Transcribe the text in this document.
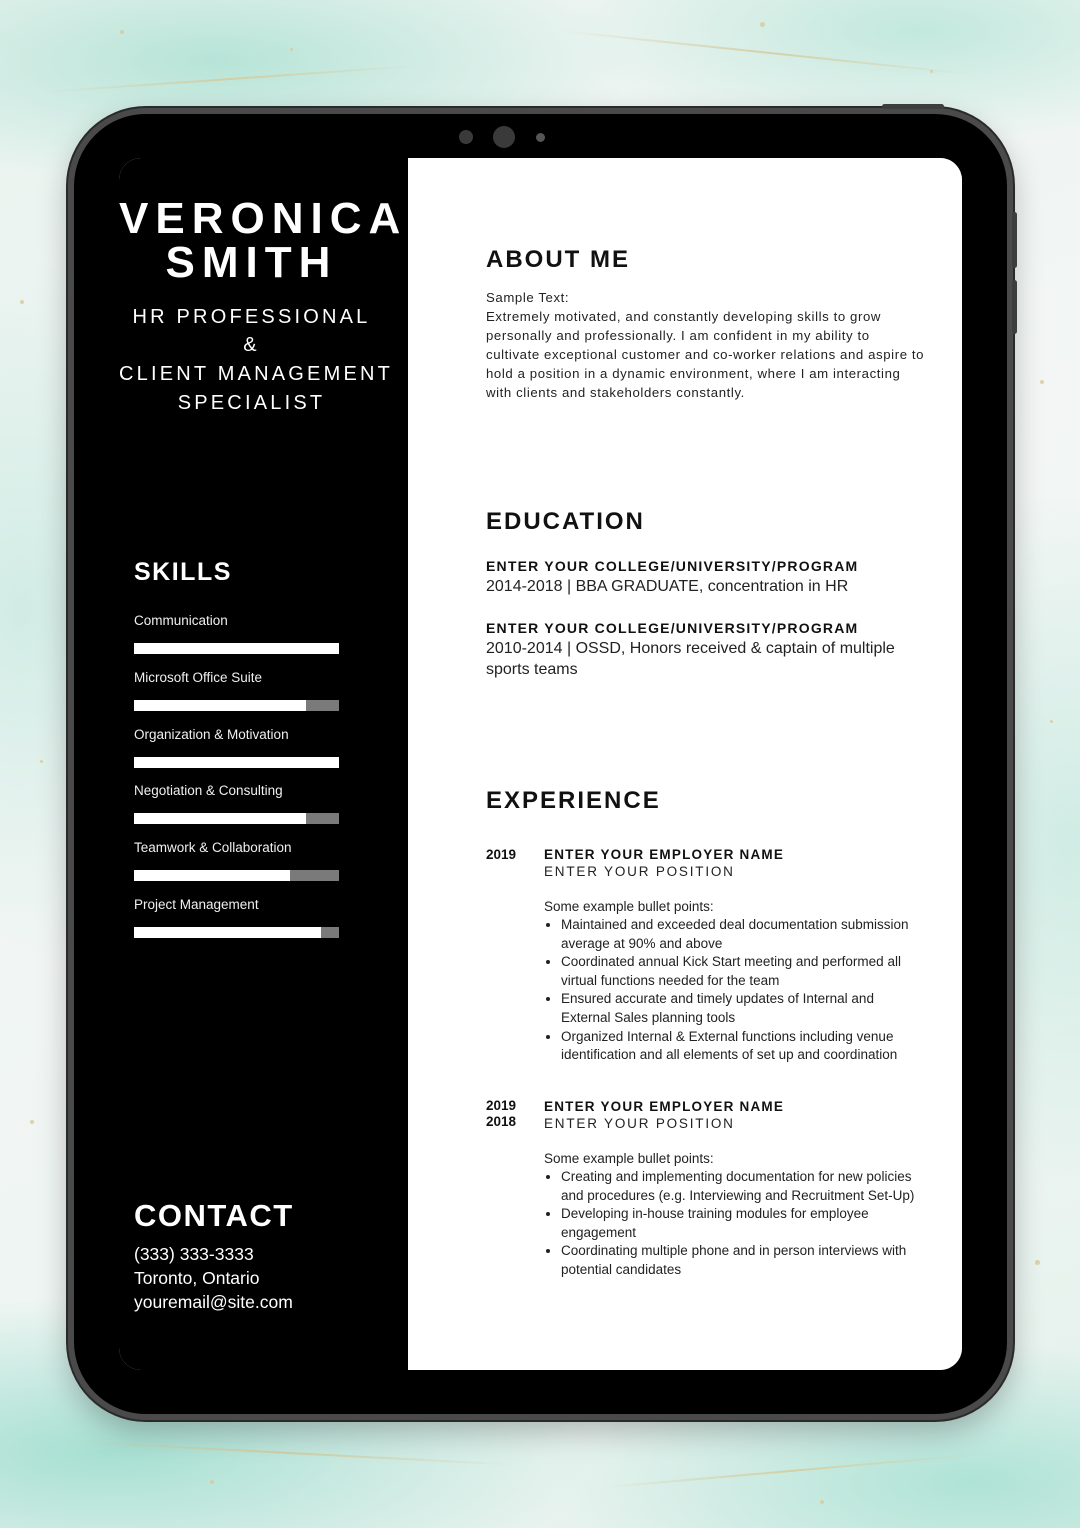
VERONICA
SMITH
HR PROFESSIONAL
&
CLIENT MANAGEMENT
SPECIALIST
SKILLS
Communication
Microsoft Office Suite
Organization & Motivation
Negotiation & Consulting
Teamwork & Collaboration
Project Management
CONTACT
(333) 333-3333
Toronto, Ontario
youremail@site.com
ABOUT ME
Sample Text:
Extremely motivated, and constantly developing skills to grow personally and professionally. I am confident in my ability to cultivate exceptional customer and co-worker relations and aspire to hold a position in a dynamic environment, where I am interacting with clients and stakeholders constantly.
EDUCATION
ENTER YOUR COLLEGE/UNIVERSITY/PROGRAM
2014-2018 | BBA GRADUATE, concentration in HR
ENTER YOUR COLLEGE/UNIVERSITY/PROGRAM
2010-2014 | OSSD, Honors received & captain of multiple sports teams
EXPERIENCE
2019	ENTER YOUR EMPLOYER NAME
ENTER YOUR POSITION
Some example bullet points:
Maintained and exceeded deal documentation submission average at 90% and above
Coordinated annual Kick Start meeting and performed all virtual functions needed for the team
Ensured accurate and timely updates of Internal and External Sales planning tools
Organized Internal & External functions including venue identification and all elements of set up and coordination
2019
2018
ENTER YOUR EMPLOYER NAME
ENTER YOUR POSITION
Some example bullet points:
Creating and implementing documentation for new policies and procedures (e.g. Interviewing and Recruitment Set-Up)
Developing in-house training modules for employee engagement
Coordinating multiple phone and in person interviews with potential candidates
